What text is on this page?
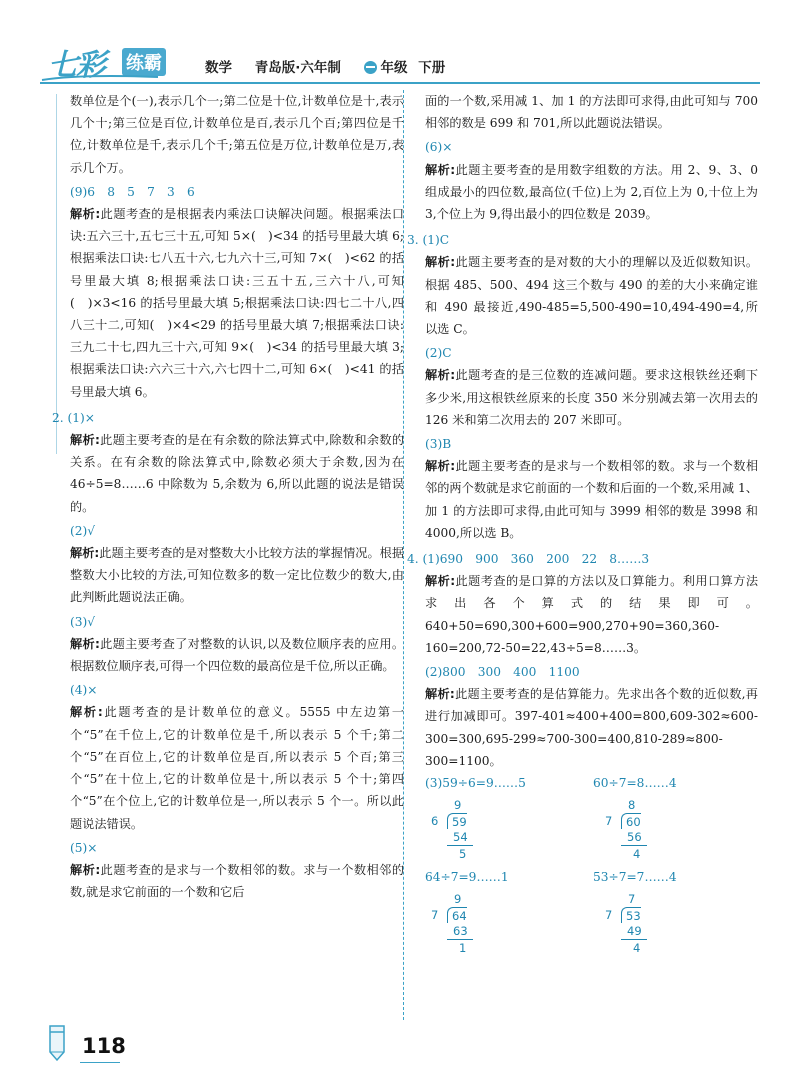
七彩 练霸	数学 青岛版·六年制	年级 下册

数单位是个(一),表示几个一;第二位是十位,计数单位是十,表示几个十;第三位是百位,计数单位是百,表示几个百;第四位是千位,计数单位是千,表示几个千;第五位是万位,计数单位是万,表示几个万。

(9)6　8　5　7　3　6

解析:此题考查的是根据表内乘法口诀解决问题。根据乘法口诀:五六三十,五七三十五,可知 5×(　)<34 的括号里最大填 6;根据乘法口诀:七八五十六,七九六十三,可知 7×(　)<62 的括号里最大填 8;根据乘法口诀:三五十五,三六十八,可知(　)×3<16 的括号里最大填 5;根据乘法口诀:四七二十八,四八三十二,可知(　)×4<29 的括号里最大填 7;根据乘法口诀:三九二十七,四九三十六,可知 9×(　)<34 的括号里最大填 3;根据乘法口诀:六六三十六,六七四十二,可知 6×(　)<41 的括号里最大填 6。

2. (1)×

解析:此题主要考查的是在有余数的除法算式中,除数和余数的关系。在有余数的除法算式中,除数必须大于余数,因为在 46÷5=8……6 中除数为 5,余数为 6,所以此题的说法是错误的。

(2)√

解析:此题主要考查的是对整数大小比较方法的掌握情况。根据整数大小比较的方法,可知位数多的数一定比位数少的数大,由此判断此题说法正确。

(3)√

解析:此题主要考查了对整数的认识,以及数位顺序表的应用。根据数位顺序表,可得一个四位数的最高位是千位,所以正确。

(4)×

解析:此题考查的是计数单位的意义。5555 中左边第一个“5”在千位上,它的计数单位是千,所以表示 5 个千;第二个“5”在百位上,它的计数单位是百,所以表示 5 个百;第三个“5”在十位上,它的计数单位是十,所以表示 5 个十;第四个“5”在个位上,它的计数单位是一,所以表示 5 个一。所以此题说法错误。

(5)×

解析:此题考查的是求与一个数相邻的数。求与一个数相邻的数,就是求它前面的一个数和它后

面的一个数,采用减 1、加 1 的方法即可求得,由此可知与 700 相邻的数是 699 和 701,所以此题说法错误。

(6)×

解析:此题主要考查的是用数字组数的方法。用 2、9、3、0 组成最小的四位数,最高位(千位)上为 2,百位上为 0,十位上为 3,个位上为 9,得出最小的四位数是 2039。

3. (1)C

解析:此题主要考查的是对数的大小的理解以及近似数知识。根据 485、500、494 这三个数与 490 的差的大小来确定谁和 490 最接近,490-485=5,500-490=10,494-490=4,所以选 C。

(2)C

解析:此题考查的是三位数的连减问题。要求这根铁丝还剩下多少米,用这根铁丝原来的长度 350 米分别减去第一次用去的 126 米和第二次用去的 207 米即可。

(3)B

解析:此题主要考查的是求与一个数相邻的数。求与一个数相邻的两个数就是求它前面的一个数和后面的一个数,采用减 1、加 1 的方法即可求得,由此可知与 3999 相邻的数是 3998 和 4000,所以选 B。

4. (1)690　900　360　200　22　8……3

解析:此题考查的是口算的方法以及口算能力。利用口算方法求出各个算式的结果即可。640+50=690,300+600=900,270+90=360,360-160=200,72-50=22,43÷5=8……3。

(2)800　300　400　1100

解析:此题主要考查的是估算能力。先求出各个数的近似数,再进行加减即可。397-401≈400+400=800,609-302≈600-300=300,695-299≈700-300=400,810-289≈800-300=1100。

(3)59÷6=9……5	60÷7=8……4
9
6	59
54
5
8
7	60
56
4
64÷7=9……1	53÷7=7……4
9
7	64
63
1
7
7	53
49
4
118
